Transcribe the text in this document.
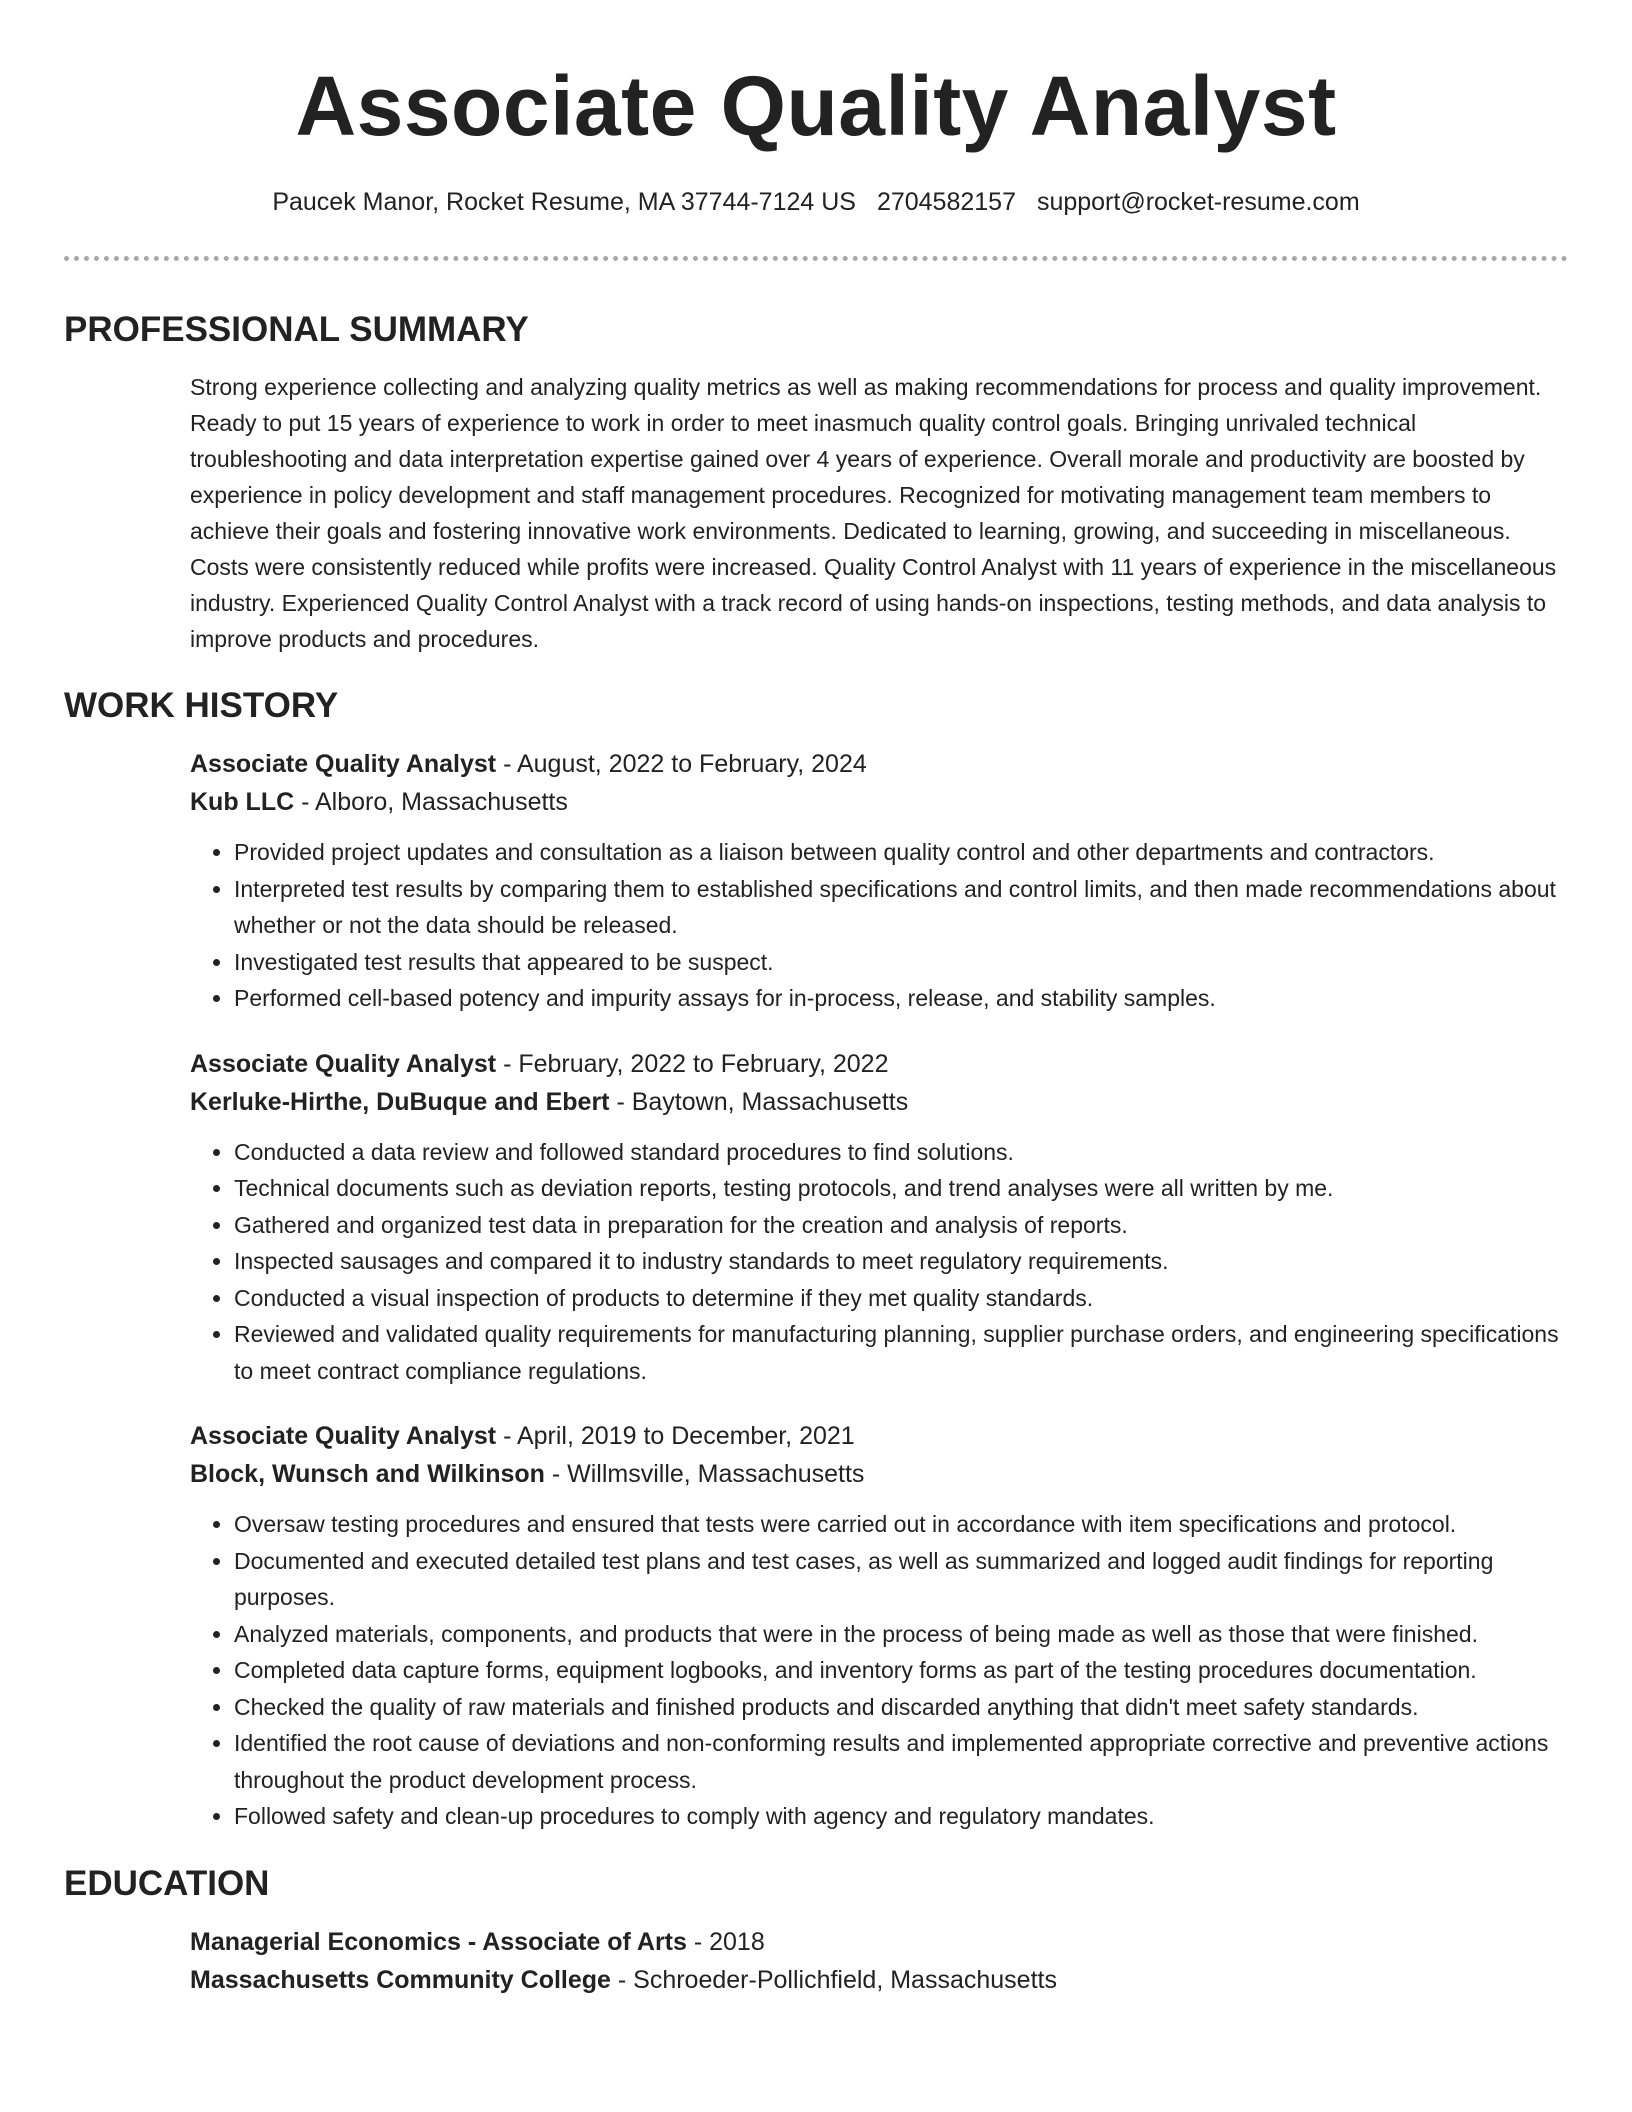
Associate Quality Analyst
Paucek Manor, Rocket Resume, MA 37744-7124 US 2704582157 support@rocket-resume.com
PROFESSIONAL SUMMARY

Strong experience collecting and analyzing quality metrics as well as making recommendations for process and quality improvement. Ready to put 15 years of experience to work in order to meet inasmuch quality control goals. Bringing unrivaled technical troubleshooting and data interpretation expertise gained over 4 years of experience. Overall morale and productivity are boosted by experience in policy development and staff management procedures. Recognized for motivating management team members to achieve their goals and fostering innovative work environments. Dedicated to learning, growing, and succeeding in miscellaneous. Costs were consistently reduced while profits were increased. Quality Control Analyst with 11 years of experience in the miscellaneous industry. Experienced Quality Control Analyst with a track record of using hands-on inspections, testing methods, and data analysis to improve products and procedures.

WORK HISTORY
Associate Quality Analyst - August, 2022 to February, 2024
Kub LLC - Alboro, Massachusetts
• Provided project updates and consultation as a liaison between quality control and other departments and contractors.
• Interpreted test results by comparing them to established specifications and control limits, and then made recommendations about whether or not the data should be released.
• Investigated test results that appeared to be suspect.
• Performed cell-based potency and impurity assays for in-process, release, and stability samples.
Associate Quality Analyst - February, 2022 to February, 2022
Kerluke-Hirthe, DuBuque and Ebert - Baytown, Massachusetts
• Conducted a data review and followed standard procedures to find solutions.
• Technical documents such as deviation reports, testing protocols, and trend analyses were all written by me.
• Gathered and organized test data in preparation for the creation and analysis of reports.
• Inspected sausages and compared it to industry standards to meet regulatory requirements.
• Conducted a visual inspection of products to determine if they met quality standards.
• Reviewed and validated quality requirements for manufacturing planning, supplier purchase orders, and engineering specifications to meet contract compliance regulations.
Associate Quality Analyst - April, 2019 to December, 2021
Block, Wunsch and Wilkinson - Willmsville, Massachusetts
• Oversaw testing procedures and ensured that tests were carried out in accordance with item specifications and protocol.
• Documented and executed detailed test plans and test cases, as well as summarized and logged audit findings for reporting purposes.
• Analyzed materials, components, and products that were in the process of being made as well as those that were finished.
• Completed data capture forms, equipment logbooks, and inventory forms as part of the testing procedures documentation.
• Checked the quality of raw materials and finished products and discarded anything that didn't meet safety standards.
• Identified the root cause of deviations and non-conforming results and implemented appropriate corrective and preventive actions throughout the product development process.
• Followed safety and clean-up procedures to comply with agency and regulatory mandates.
EDUCATION
Managerial Economics - Associate of Arts - 2018
Massachusetts Community College - Schroeder-Pollichfield, Massachusetts
